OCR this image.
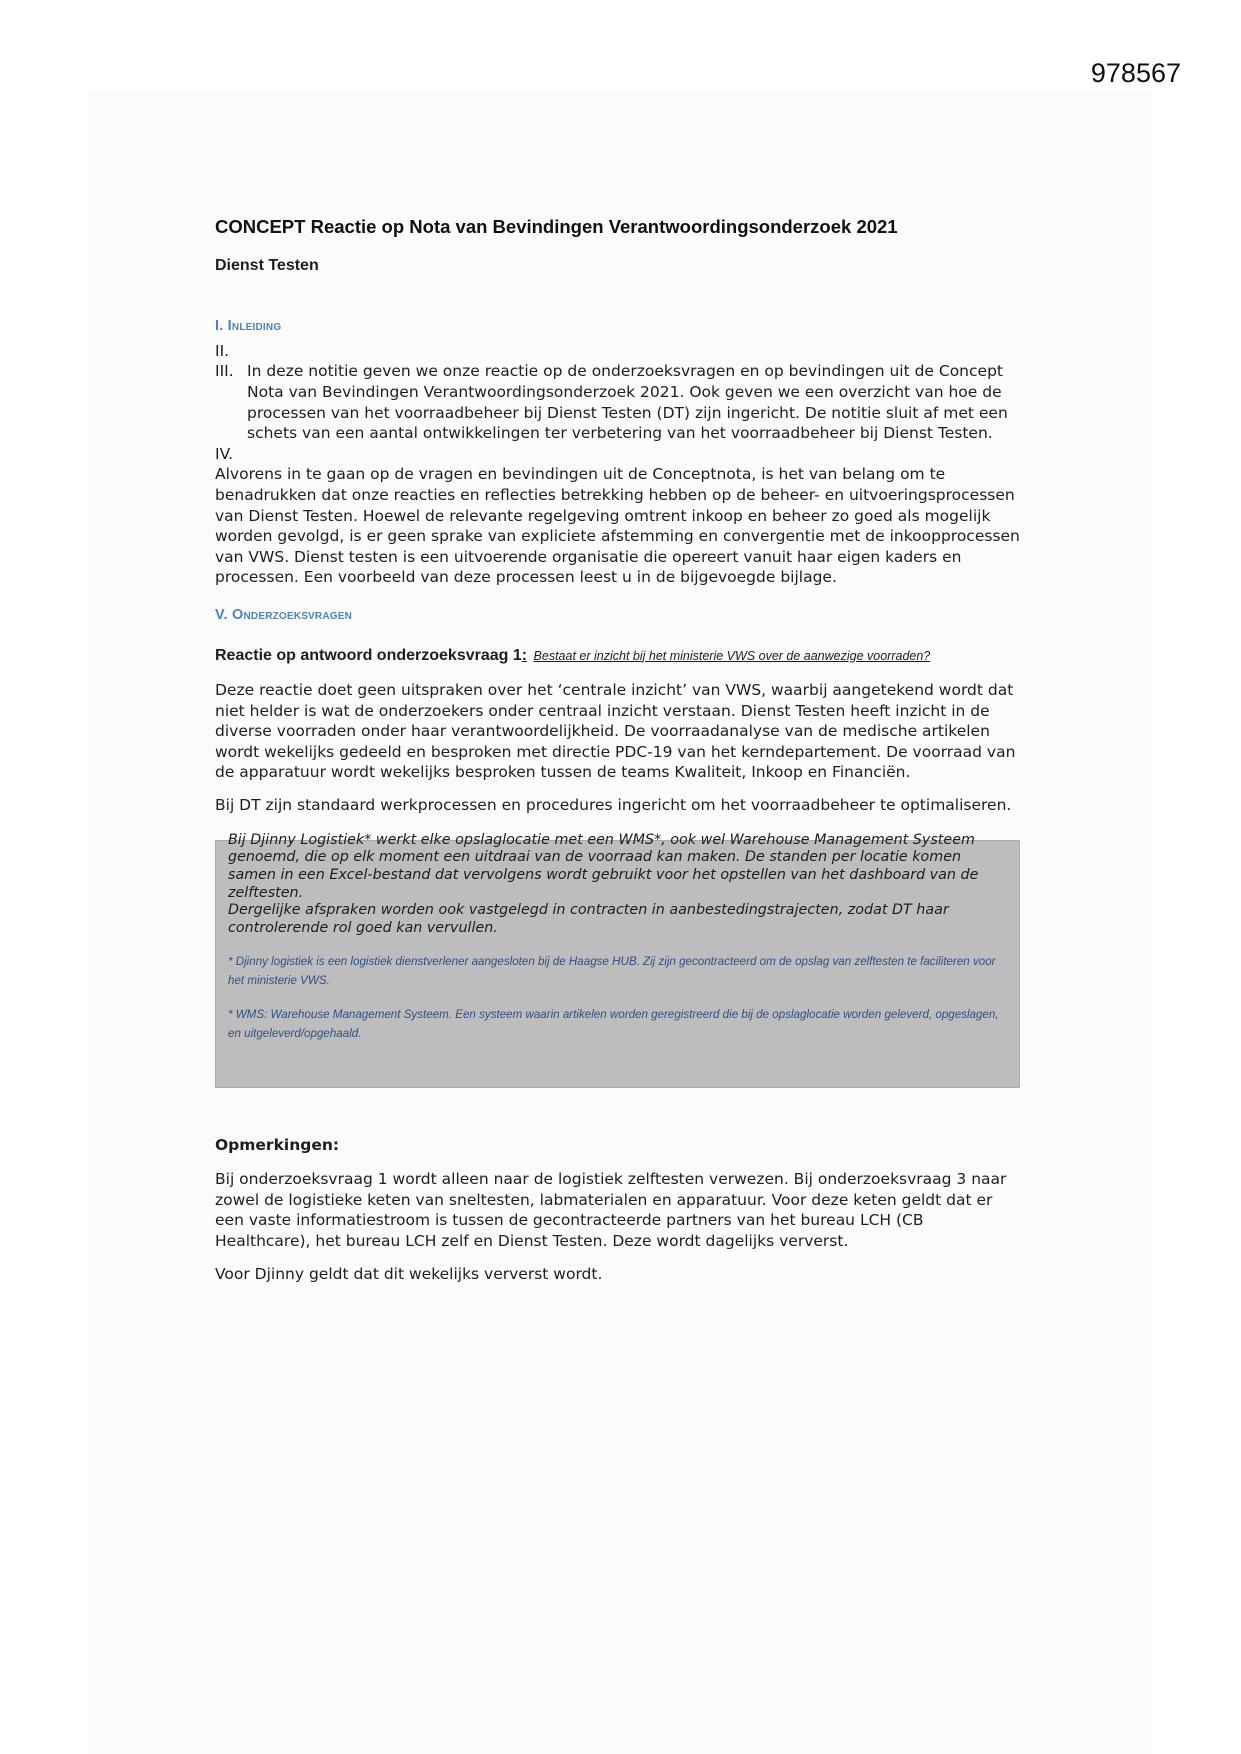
978567
CONCEPT Reactie op Nota van Bevindingen Verantwoordingsonderzoek 2021
Dienst Testen
I. Inleiding
II.
III. In deze notitie geven we onze reactie op de onderzoeksvragen en op bevindingen uit de Concept Nota van Bevindingen Verantwoordingsonderzoek 2021. Ook geven we een overzicht van hoe de processen van het voorraadbeheer bij Dienst Testen (DT) zijn ingericht. De notitie sluit af met een schets van een aantal ontwikkelingen ter verbetering van het voorraadbeheer bij Dienst Testen.
IV.

Alvorens in te gaan op de vragen en bevindingen uit de Conceptnota, is het van belang om te benadrukken dat onze reacties en reflecties betrekking hebben op de beheer- en uitvoeringsprocessen van Dienst Testen. Hoewel de relevante regelgeving omtrent inkoop en beheer zo goed als mogelijk worden gevolgd, is er geen sprake van expliciete afstemming en convergentie met de inkoopprocessen van VWS. Dienst testen is een uitvoerende organisatie die opereert vanuit haar eigen kaders en processen. Een voorbeeld van deze processen leest u in de bijgevoegde bijlage.

V. Onderzoeksvragen

Reactie op antwoord onderzoeksvraag 1: Bestaat er inzicht bij het ministerie VWS over de aanwezige voorraden?

Deze reactie doet geen uitspraken over het ‘centrale inzicht’ van VWS, waarbij aangetekend wordt dat niet helder is wat de onderzoekers onder centraal inzicht verstaan. Dienst Testen heeft inzicht in de diverse voorraden onder haar verantwoordelijkheid. De voorraadanalyse van de medische artikelen wordt wekelijks gedeeld en besproken met directie PDC-19 van het kerndepartement. De voorraad van de apparatuur wordt wekelijks besproken tussen de teams Kwaliteit, Inkoop en Financiën.

Bij DT zijn standaard werkprocessen en procedures ingericht om het voorraadbeheer te optimaliseren.

Bij Djinny Logistiek* werkt elke opslaglocatie met een WMS*, ook wel Warehouse Management Systeem genoemd, die op elk moment een uitdraai van de voorraad kan maken. De standen per locatie komen samen in een Excel-bestand dat vervolgens wordt gebruikt voor het opstellen van het dashboard van de zelftesten.
Dergelijke afspraken worden ook vastgelegd in contracten in aanbestedingstrajecten, zodat DT haar controlerende rol goed kan vervullen.
* Djinny logistiek is een logistiek dienstverlener aangesloten bij de Haagse HUB. Zij zijn gecontracteerd om de opslag van zelftesten te faciliteren voor het ministerie VWS.
* WMS: Warehouse Management Systeem. Een systeem waarin artikelen worden geregistreerd die bij de opslaglocatie worden geleverd, opgeslagen, en uitgeleverd/opgehaald.

Opmerkingen:

Bij onderzoeksvraag 1 wordt alleen naar de logistiek zelftesten verwezen. Bij onderzoeksvraag 3 naar zowel de logistieke keten van sneltesten, labmaterialen en apparatuur. Voor deze keten geldt dat er een vaste informatiestroom is tussen de gecontracteerde partners van het bureau LCH (CB Healthcare), het bureau LCH zelf en Dienst Testen. Deze wordt dagelijks ververst.

Voor Djinny geldt dat dit wekelijks ververst wordt.
